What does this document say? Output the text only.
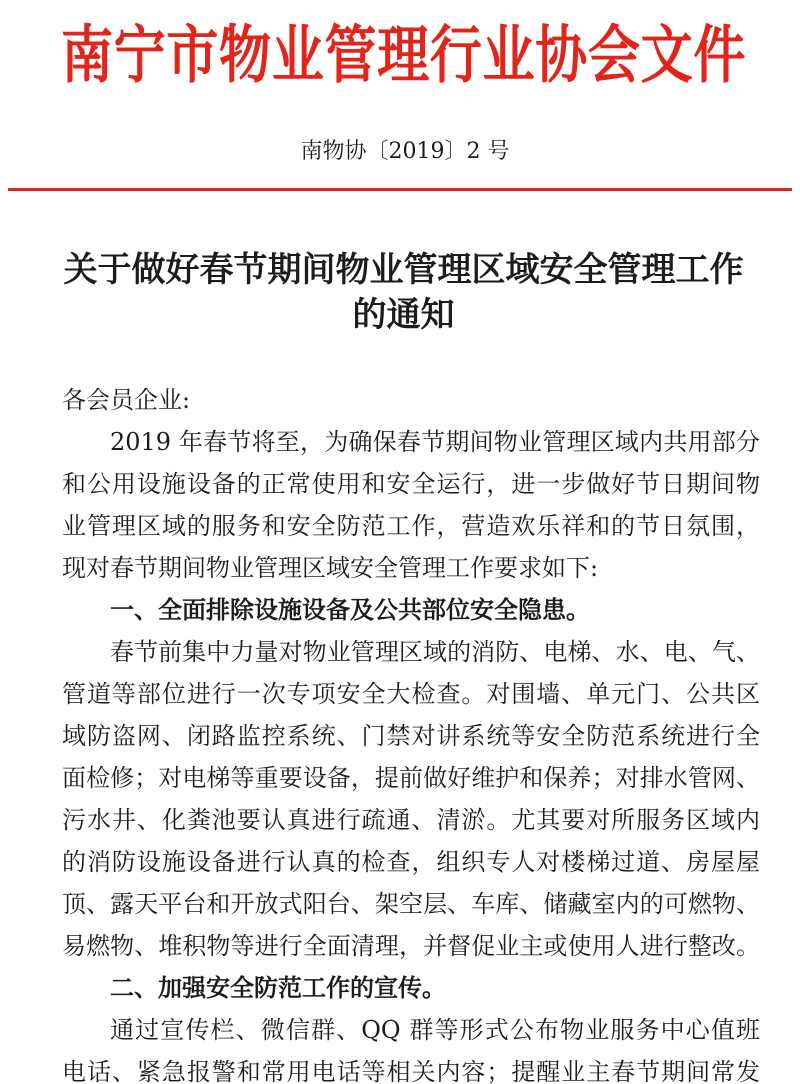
南宁市物业管理行业协会文件
南物协〔2019〕2 号
关于做好春节期间物业管理区域安全管理工作
的通知
各会员企业:
2019 年春节将至，为确保春节期间物业管理区域内共用部分
和公用设施设备的正常使用和安全运行，进一步做好节日期间物
业管理区域的服务和安全防范工作，营造欢乐祥和的节日氛围，
现对春节期间物业管理区域安全管理工作要求如下:
一、全面排除设施设备及公共部位安全隐患。
春节前集中力量对物业管理区域的消防、电梯、水、电、气、
管道等部位进行一次专项安全大检查。对围墙、单元门、公共区
域防盗网、闭路监控系统、门禁对讲系统等安全防范系统进行全
面检修；对电梯等重要设备，提前做好维护和保养；对排水管网、
污水井、化粪池要认真进行疏通、清淤。尤其要对所服务区域内
的消防设施设备进行认真的检查，组织专人对楼梯过道、房屋屋
顶、露天平台和开放式阳台、架空层、车库、储藏室内的可燃物、
易燃物、堆积物等进行全面清理，并督促业主或使用人进行整改。
二、加强安全防范工作的宣传。
通过宣传栏、微信群、QQ 群等形式公布物业服务中心值班
电话、紧急报警和常用电话等相关内容；提醒业主春节期间常发
